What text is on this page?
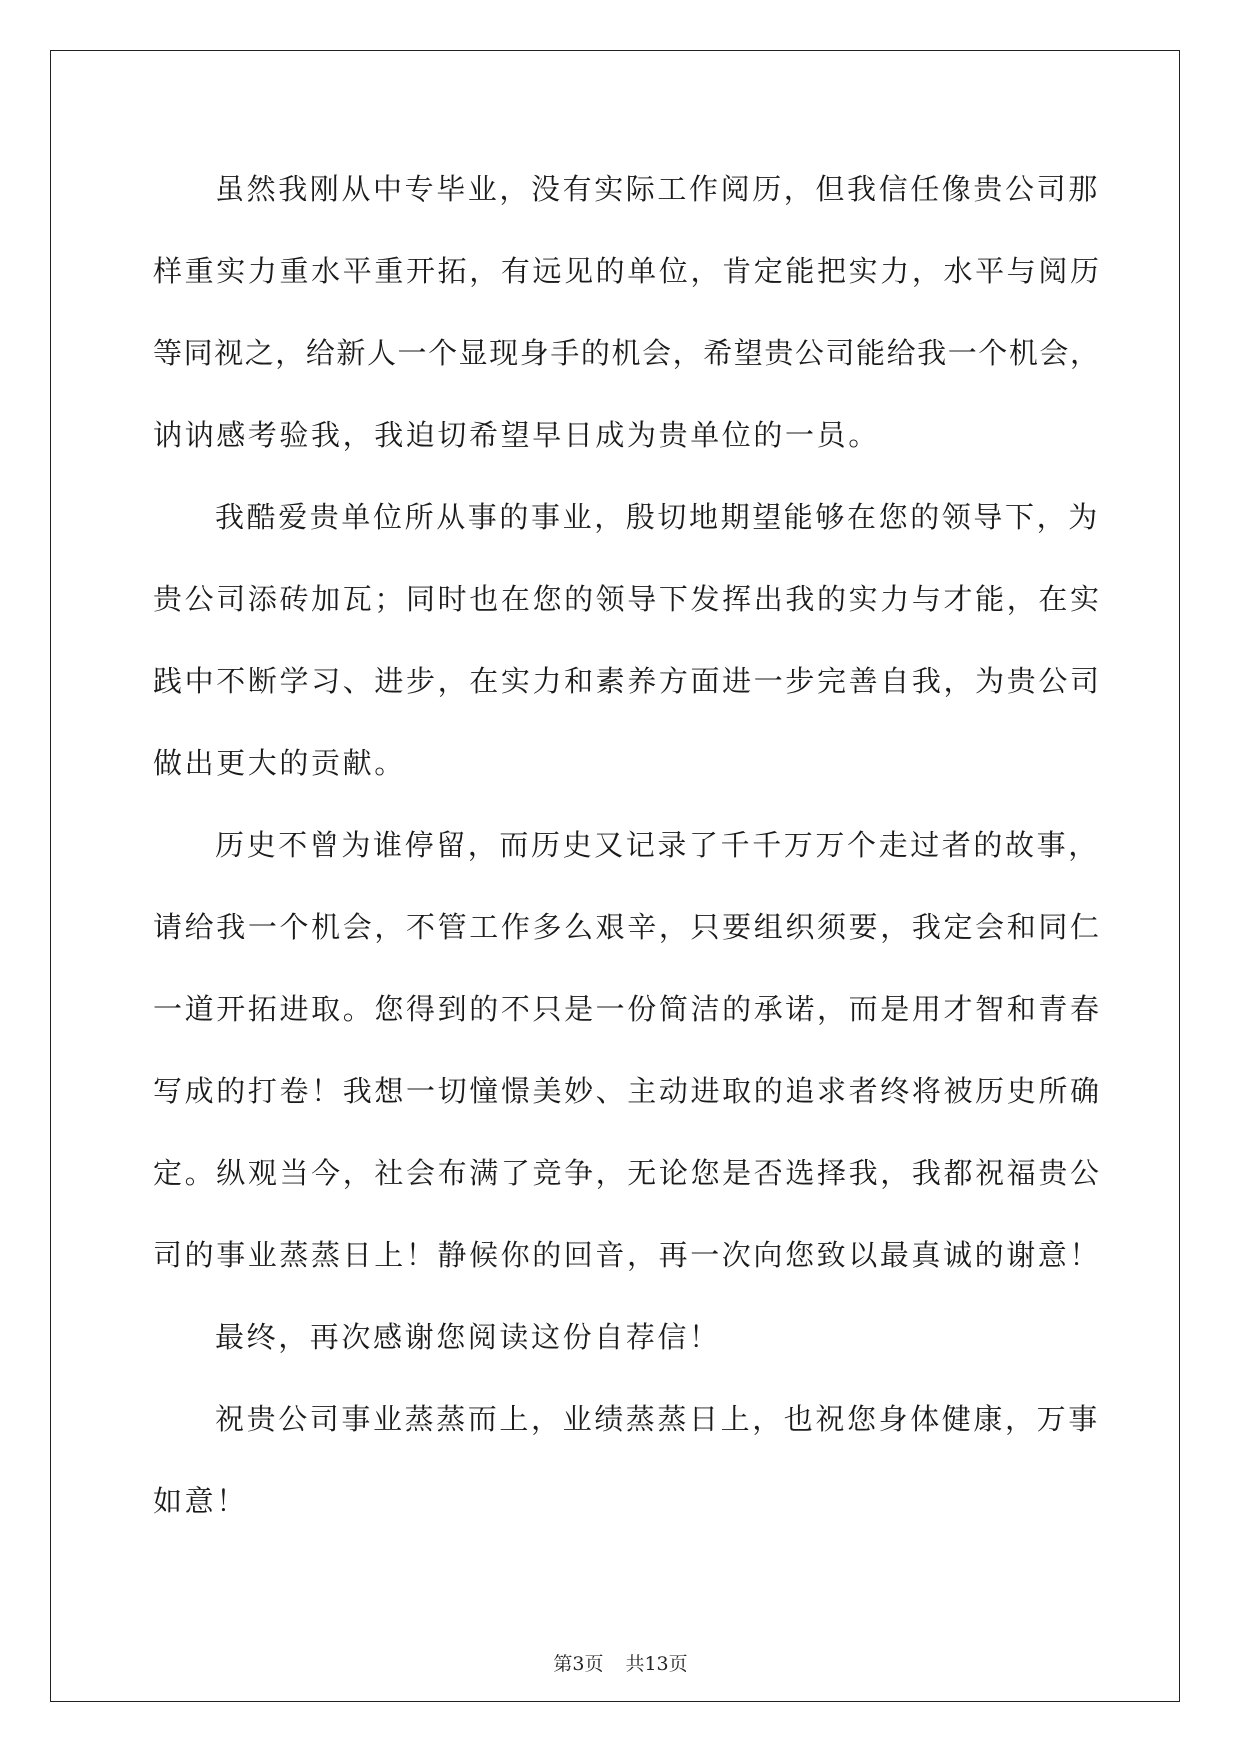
虽然我刚从中专毕业，没有实际工作阅历，但我信任像贵公司那
样重实力重水平重开拓，有远见的单位，肯定能把实力，水平与阅历
等同视之，给新人一个显现身手的机会，希望贵公司能给我一个机会，
讷讷感考验我，我迫切希望早日成为贵单位的一员。
我酷爱贵单位所从事的事业，殷切地期望能够在您的领导下，为
贵公司添砖加瓦；同时也在您的领导下发挥出我的实力与才能，在实
践中不断学习、进步，在实力和素养方面进一步完善自我，为贵公司
做出更大的贡献。
历史不曾为谁停留，而历史又记录了千千万万个走过者的故事，
请给我一个机会，不管工作多么艰辛，只要组织须要，我定会和同仁
一道开拓进取。您得到的不只是一份简洁的承诺，而是用才智和青春
写成的打卷！我想一切憧憬美妙、主动进取的追求者终将被历史所确
定。纵观当今，社会布满了竞争，无论您是否选择我，我都祝福贵公
司的事业蒸蒸日上！静候你的回音，再一次向您致以最真诚的谢意！
最终，再次感谢您阅读这份自荐信！
祝贵公司事业蒸蒸而上，业绩蒸蒸日上，也祝您身体健康，万事
如意！
第3页 共13页
